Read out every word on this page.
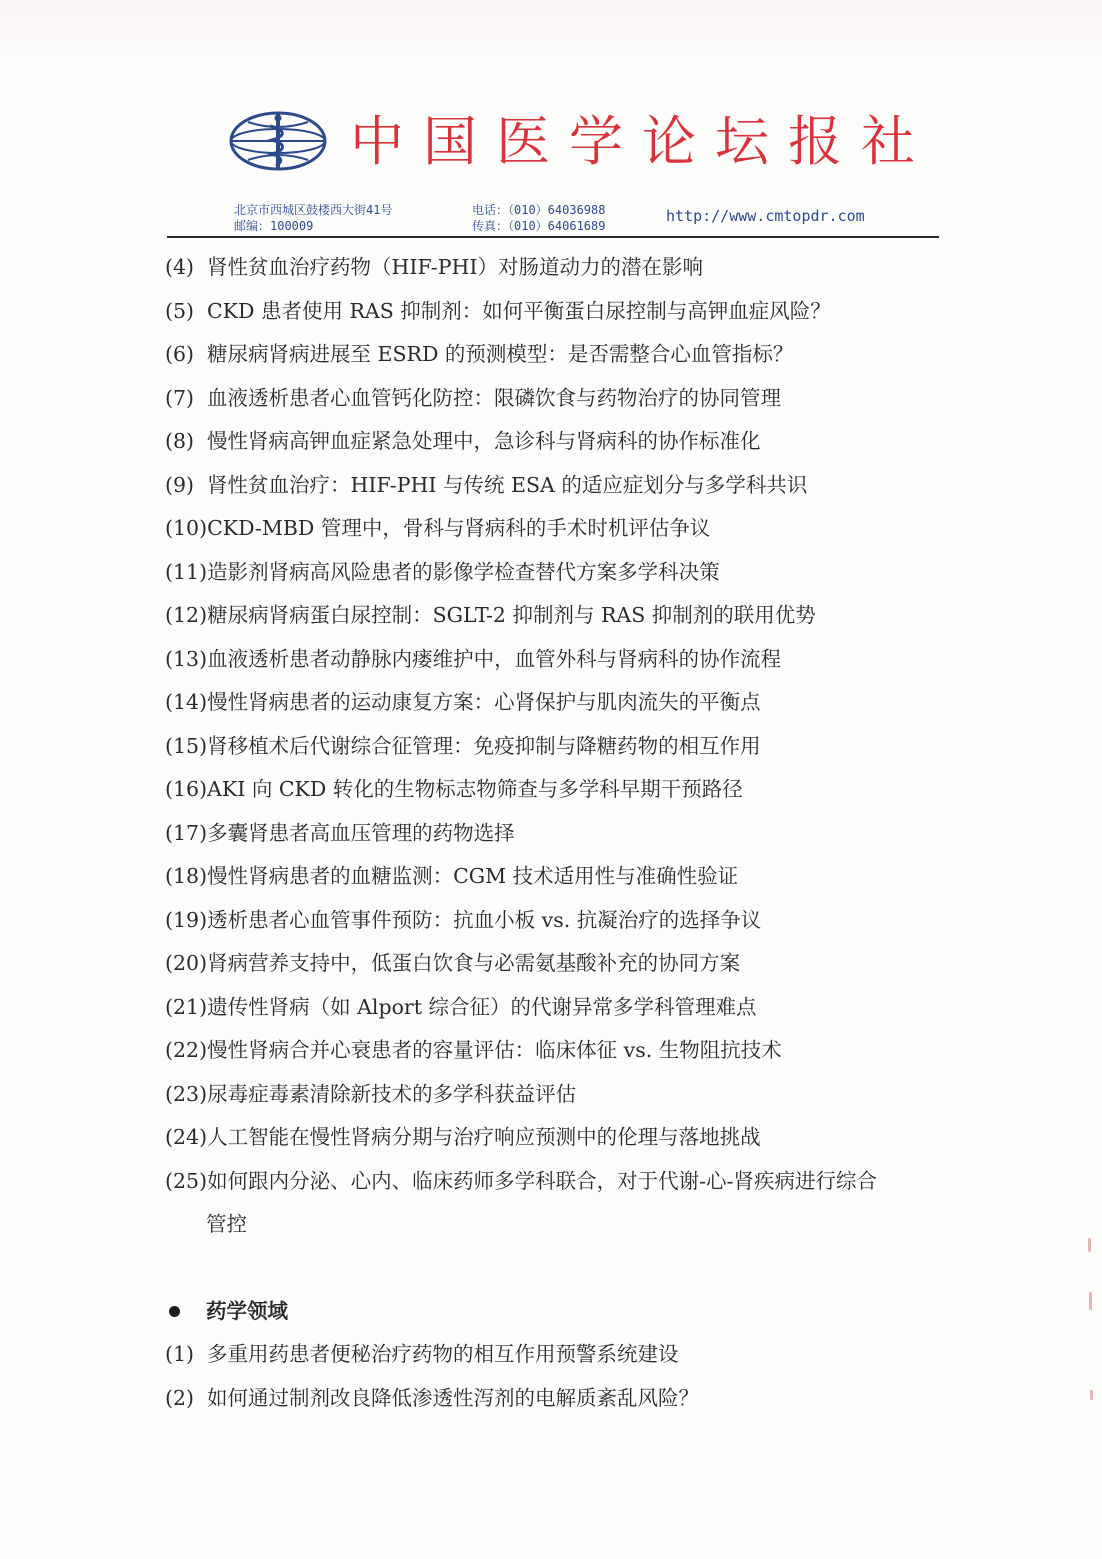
中国医学论坛报社
北京市西城区鼓楼西大街41号
邮编：100009
电话：（010）64036988
传真：（010）64061689
http://www.cmtopdr.com
(4) 肾性贫血治疗药物（HIF-PHI）对肠道动力的潜在影响
(5) CKD 患者使用 RAS 抑制剂：如何平衡蛋白尿控制与高钾血症风险？
(6) 糖尿病肾病进展至 ESRD 的预测模型：是否需整合心血管指标？
(7) 血液透析患者心血管钙化防控：限磷饮食与药物治疗的协同管理
(8) 慢性肾病高钾血症紧急处理中，急诊科与肾病科的协作标准化
(9) 肾性贫血治疗：HIF-PHI 与传统 ESA 的适应症划分与多学科共识
(10) CKD-MBD 管理中，骨科与肾病科的手术时机评估争议
(11) 造影剂肾病高风险患者的影像学检查替代方案多学科决策
(12) 糖尿病肾病蛋白尿控制：SGLT-2 抑制剂与 RAS 抑制剂的联用优势
(13) 血液透析患者动静脉内瘘维护中，血管外科与肾病科的协作流程
(14) 慢性肾病患者的运动康复方案：心肾保护与肌肉流失的平衡点
(15) 肾移植术后代谢综合征管理：免疫抑制与降糖药物的相互作用
(16) AKI 向 CKD 转化的生物标志物筛查与多学科早期干预路径
(17) 多囊肾患者高血压管理的药物选择
(18) 慢性肾病患者的血糖监测：CGM 技术适用性与准确性验证
(19) 透析患者心血管事件预防：抗血小板 vs. 抗凝治疗的选择争议
(20) 肾病营养支持中，低蛋白饮食与必需氨基酸补充的协同方案
(21) 遗传性肾病（如 Alport 综合征）的代谢异常多学科管理难点
(22) 慢性肾病合并心衰患者的容量评估：临床体征 vs. 生物阻抗技术
(23) 尿毒症毒素清除新技术的多学科获益评估
(24) 人工智能在慢性肾病分期与治疗响应预测中的伦理与落地挑战
(25) 如何跟内分泌、心内、临床药师多学科联合，对于代谢-心-肾疾病进行综合
管控
药学领域
(1) 多重用药患者便秘治疗药物的相互作用预警系统建设
(2) 如何通过制剂改良降低渗透性泻剂的电解质紊乱风险？
